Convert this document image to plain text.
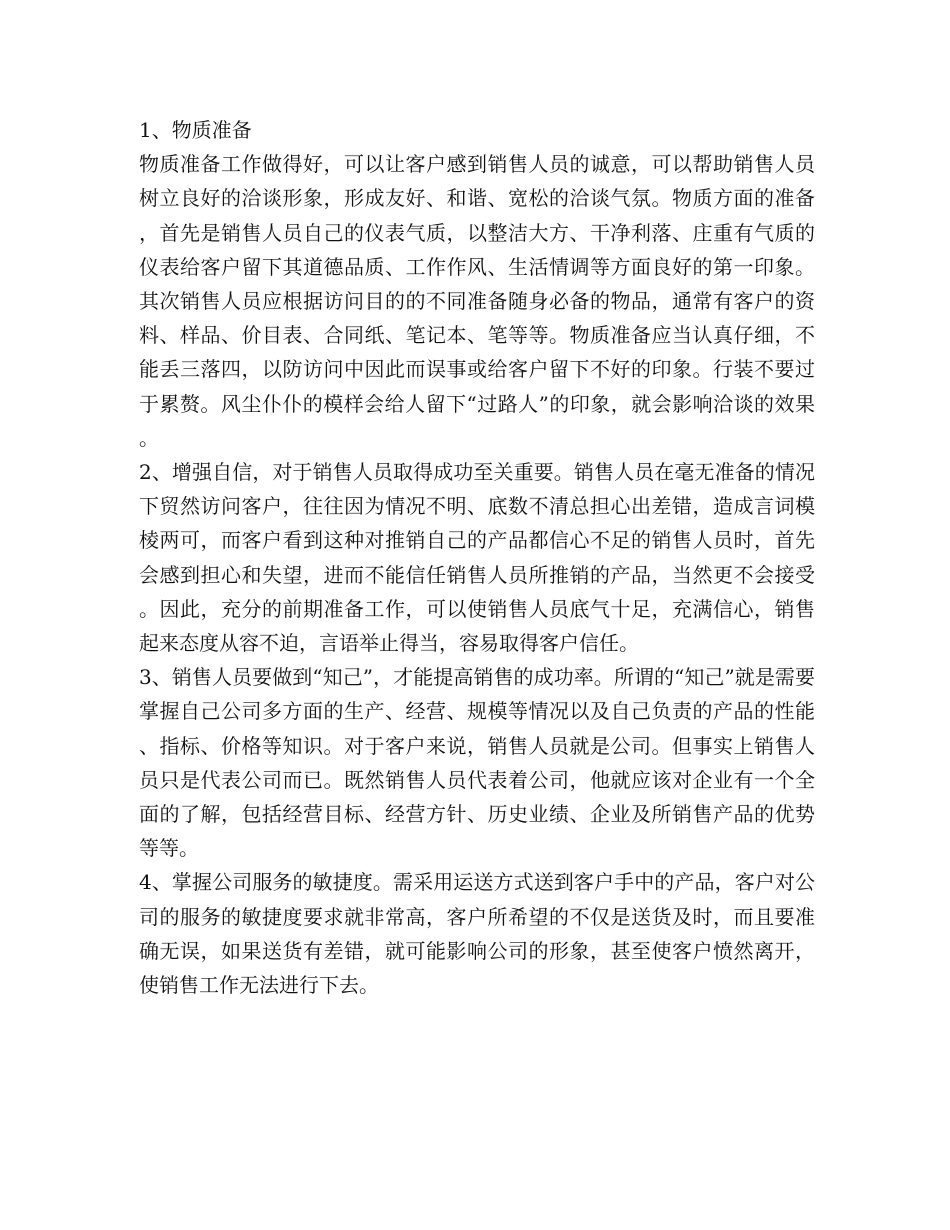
1、物质准备

物质准备工作做得好，可以让客户感到销售人员的诚意，可以帮助销售人员树立良好的洽谈形象，形成友好、和谐、宽松的洽谈气氛。物质方面的准备，首先是销售人员自己的仪表气质，以整洁大方、干净利落、庄重有气质的仪表给客户留下其道德品质、工作作风、生活情调等方面良好的第一印象。其次销售人员应根据访问目的的不同准备随身必备的物品，通常有客户的资料、样品、价目表、合同纸、笔记本、笔等等。物质准备应当认真仔细，不能丢三落四，以防访问中因此而误事或给客户留下不好的印象。行装不要过于累赘。风尘仆仆的模样会给人留下“过路人”的印象，就会影响洽谈的效果。

2、增强自信，对于销售人员取得成功至关重要。销售人员在毫无准备的情况下贸然访问客户，往往因为情况不明、底数不清总担心出差错，造成言词模棱两可，而客户看到这种对推销自己的产品都信心不足的销售人员时，首先会感到担心和失望，进而不能信任销售人员所推销的产品，当然更不会接受。因此，充分的前期准备工作，可以使销售人员底气十足，充满信心，销售起来态度从容不迫，言语举止得当，容易取得客户信任。

3、销售人员要做到“知己”，才能提高销售的成功率。所谓的“知己”就是需要掌握自己公司多方面的生产、经营、规模等情况以及自己负责的产品的性能、指标、价格等知识。对于客户来说，销售人员就是公司。但事实上销售人员只是代表公司而已。既然销售人员代表着公司，他就应该对企业有一个全面的了解，包括经营目标、经营方针、历史业绩、企业及所销售产品的优势等等。

4、掌握公司服务的敏捷度。需采用运送方式送到客户手中的产品，客户对公司的服务的敏捷度要求就非常高，客户所希望的不仅是送货及时，而且要准确无误，如果送货有差错，就可能影响公司的形象，甚至使客户愤然离开，使销售工作无法进行下去。
